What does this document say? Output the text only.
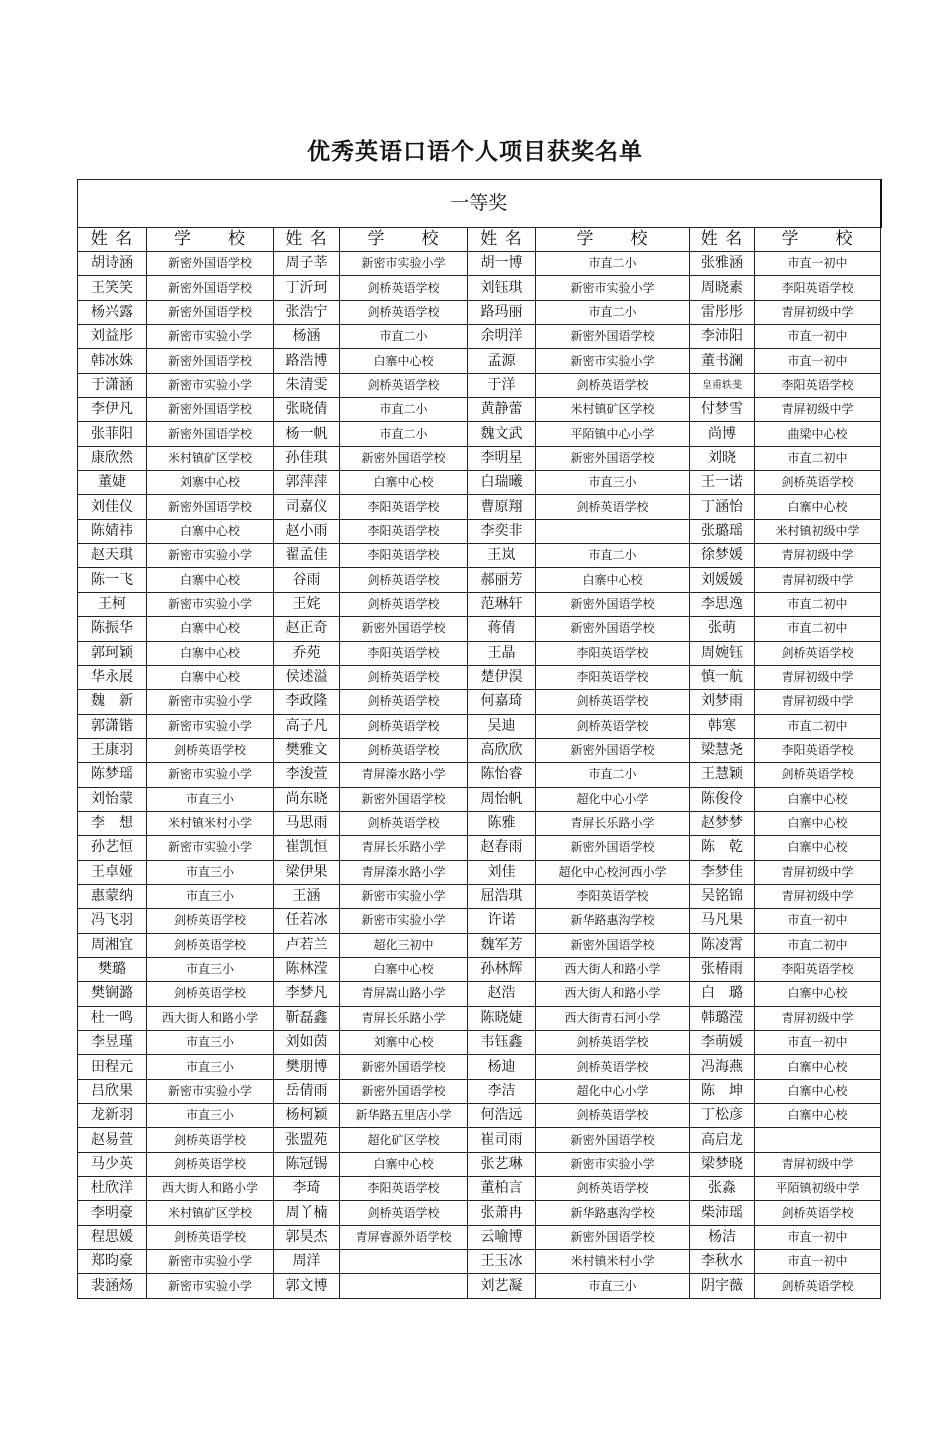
优秀英语口语个人项目获奖名单
一等奖							
姓 名	学　　校	姓 名	学　　校	姓 名	学　　校	姓 名	学　　校
胡诗涵	新密外国语学校	周子莘	新密市实验小学	胡一博	市直二小	张雅涵	市直一初中
王笑笑	新密外国语学校	丁沂珂	剑桥英语学校	刘钰琪	新密市实验小学	周晓素	李阳英语学校
杨兴露	新密外国语学校	张浩宁	剑桥英语学校	路玛丽	市直二小	雷彤彤	青屏初级中学
刘益彤	新密市实验小学	杨涵	市直二小	余明洋	新密外国语学校	李沛阳	市直一初中
韩冰姝	新密外国语学校	路浩博	白寨中心校	孟源	新密市实验小学	董书澜	市直一初中
于潇涵	新密市实验小学	朱清雯	剑桥英语学校	于洋	剑桥英语学校	皇甫轶斐	李阳英语学校
李伊凡	新密外国语学校	张晓倩	市直二小	黄静蕾	米村镇矿区学校	付梦雪	青屏初级中学
张菲阳	新密外国语学校	杨一帆	市直二小	魏文武	平陌镇中心小学	尚博	曲梁中心校
康欣然	米村镇矿区学校	孙佳琪	新密外国语学校	李明星	新密外国语学校	刘晓	市直二初中
董婕	刘寨中心校	郭萍萍	白寨中心校	白瑞曦	市直三小	王一诺	剑桥英语学校
刘佳仪	新密外国语学校	司嘉仪	李阳英语学校	曹原翔	剑桥英语学校	丁涵怡	白寨中心校
陈婧祎	白寨中心校	赵小雨	李阳英语学校	李奕非		张璐瑶	米村镇初级中学
赵天琪	新密市实验小学	翟孟佳	李阳英语学校	王岚	市直二小	徐梦媛	青屏初级中学
陈一飞	白寨中心校	谷雨	剑桥英语学校	郝丽芳	白寨中心校	刘媛媛	青屏初级中学
王柯	新密市实验小学	王姹	剑桥英语学校	范琳轩	新密外国语学校	李思逸	市直二初中
陈振华	白寨中心校	赵正奇	新密外国语学校	蒋倩	新密外国语学校	张萌	市直二初中
郭珂颖	白寨中心校	乔苑	李阳英语学校	王晶	李阳英语学校	周婉钰	剑桥英语学校
华永展	白寨中心校	侯述溢	剑桥英语学校	楚伊淏	李阳英语学校	慎一航	青屏初级中学
魏　新	新密市实验小学	李政隆	剑桥英语学校	何嘉琦	剑桥英语学校	刘梦雨	青屏初级中学
郭潇锴	新密市实验小学	高子凡	剑桥英语学校	吴迪	剑桥英语学校	韩寒	市直二初中
王康羽	剑桥英语学校	樊雅文	剑桥英语学校	高欣欣	新密外国语学校	梁慧尧	李阳英语学校
陈梦瑶	新密市实验小学	李浚萱	青屏溱水路小学	陈怡睿	市直二小	王慧颖	剑桥英语学校
刘怡蒙	市直三小	尚东晓	新密外国语学校	周怡帆	超化中心小学	陈俊伶	白寨中心校
李　想	米村镇米村小学	马思雨	剑桥英语学校	陈雅	青屏长乐路小学	赵梦梦	白寨中心校
孙艺恒	新密市实验小学	崔凯恒	青屏长乐路小学	赵春雨	新密外国语学校	陈　乾	白寨中心校
王卓娅	市直三小	梁伊果	青屏溱水路小学	刘佳	超化中心校河西小学	李梦佳	青屏初级中学
惠蒙纳	市直三小	王涵	新密市实验小学	屈浩琪	李阳英语学校	吴铭锦	青屏初级中学
冯飞羽	剑桥英语学校	任若冰	新密市实验小学	许诺	新华路惠沟学校	马凡果	市直一初中
周湘宜	剑桥英语学校	卢若兰	超化三初中	魏军芳	新密外国语学校	陈凌霄	市直二初中
樊璐	市直三小	陈林滢	白寨中心校	孙林辉	西大街人和路小学	张椿雨	李阳英语学校
樊锎潞	剑桥英语学校	李梦凡	青屏嵩山路小学	赵浩	西大街人和路小学	白　璐	白寨中心校
杜一鸣	西大街人和路小学	靳磊鑫	青屏长乐路小学	陈晓婕	西大街青石河小学	韩璐滢	青屏初级中学
李昱瑾	市直三小	刘如茵	刘寨中心校	韦钰鑫	剑桥英语学校	李萌媛	市直一初中
田程元	市直三小	樊朋博	新密外国语学校	杨迪	剑桥英语学校	冯海燕	白寨中心校
吕欣果	新密市实验小学	岳倩雨	新密外国语学校	李洁	超化中心小学	陈　坤	白寨中心校
龙新羽	市直三小	杨柯颖	新华路五里店小学	何浩远	剑桥英语学校	丁松彦	白寨中心校
赵易萱	剑桥英语学校	张盟苑	超化矿区学校	崔司雨	新密外国语学校	高启龙	
马少英	剑桥英语学校	陈冠锡	白寨中心校	张艺琳	新密市实验小学	梁梦晓	青屏初级中学
杜欣洋	西大街人和路小学	李琦	李阳英语学校	董柏言	剑桥英语学校	张淼	平陌镇初级中学
李明豪	米村镇矿区学校	周丫楠	剑桥英语学校	张萧冉	新华路惠沟学校	柴沛瑶	剑桥英语学校
程思媛	剑桥英语学校	郭昊杰	青屏睿源外语学校	云喻博	新密外国语学校	杨洁	市直一初中
郑昀豪	新密市实验小学	周洋		王玉冰	米村镇米村小学	李秋水	市直一初中
裴涵炀	新密市实验小学	郭文博		刘艺凝	市直三小	阴宇薇	剑桥英语学校
